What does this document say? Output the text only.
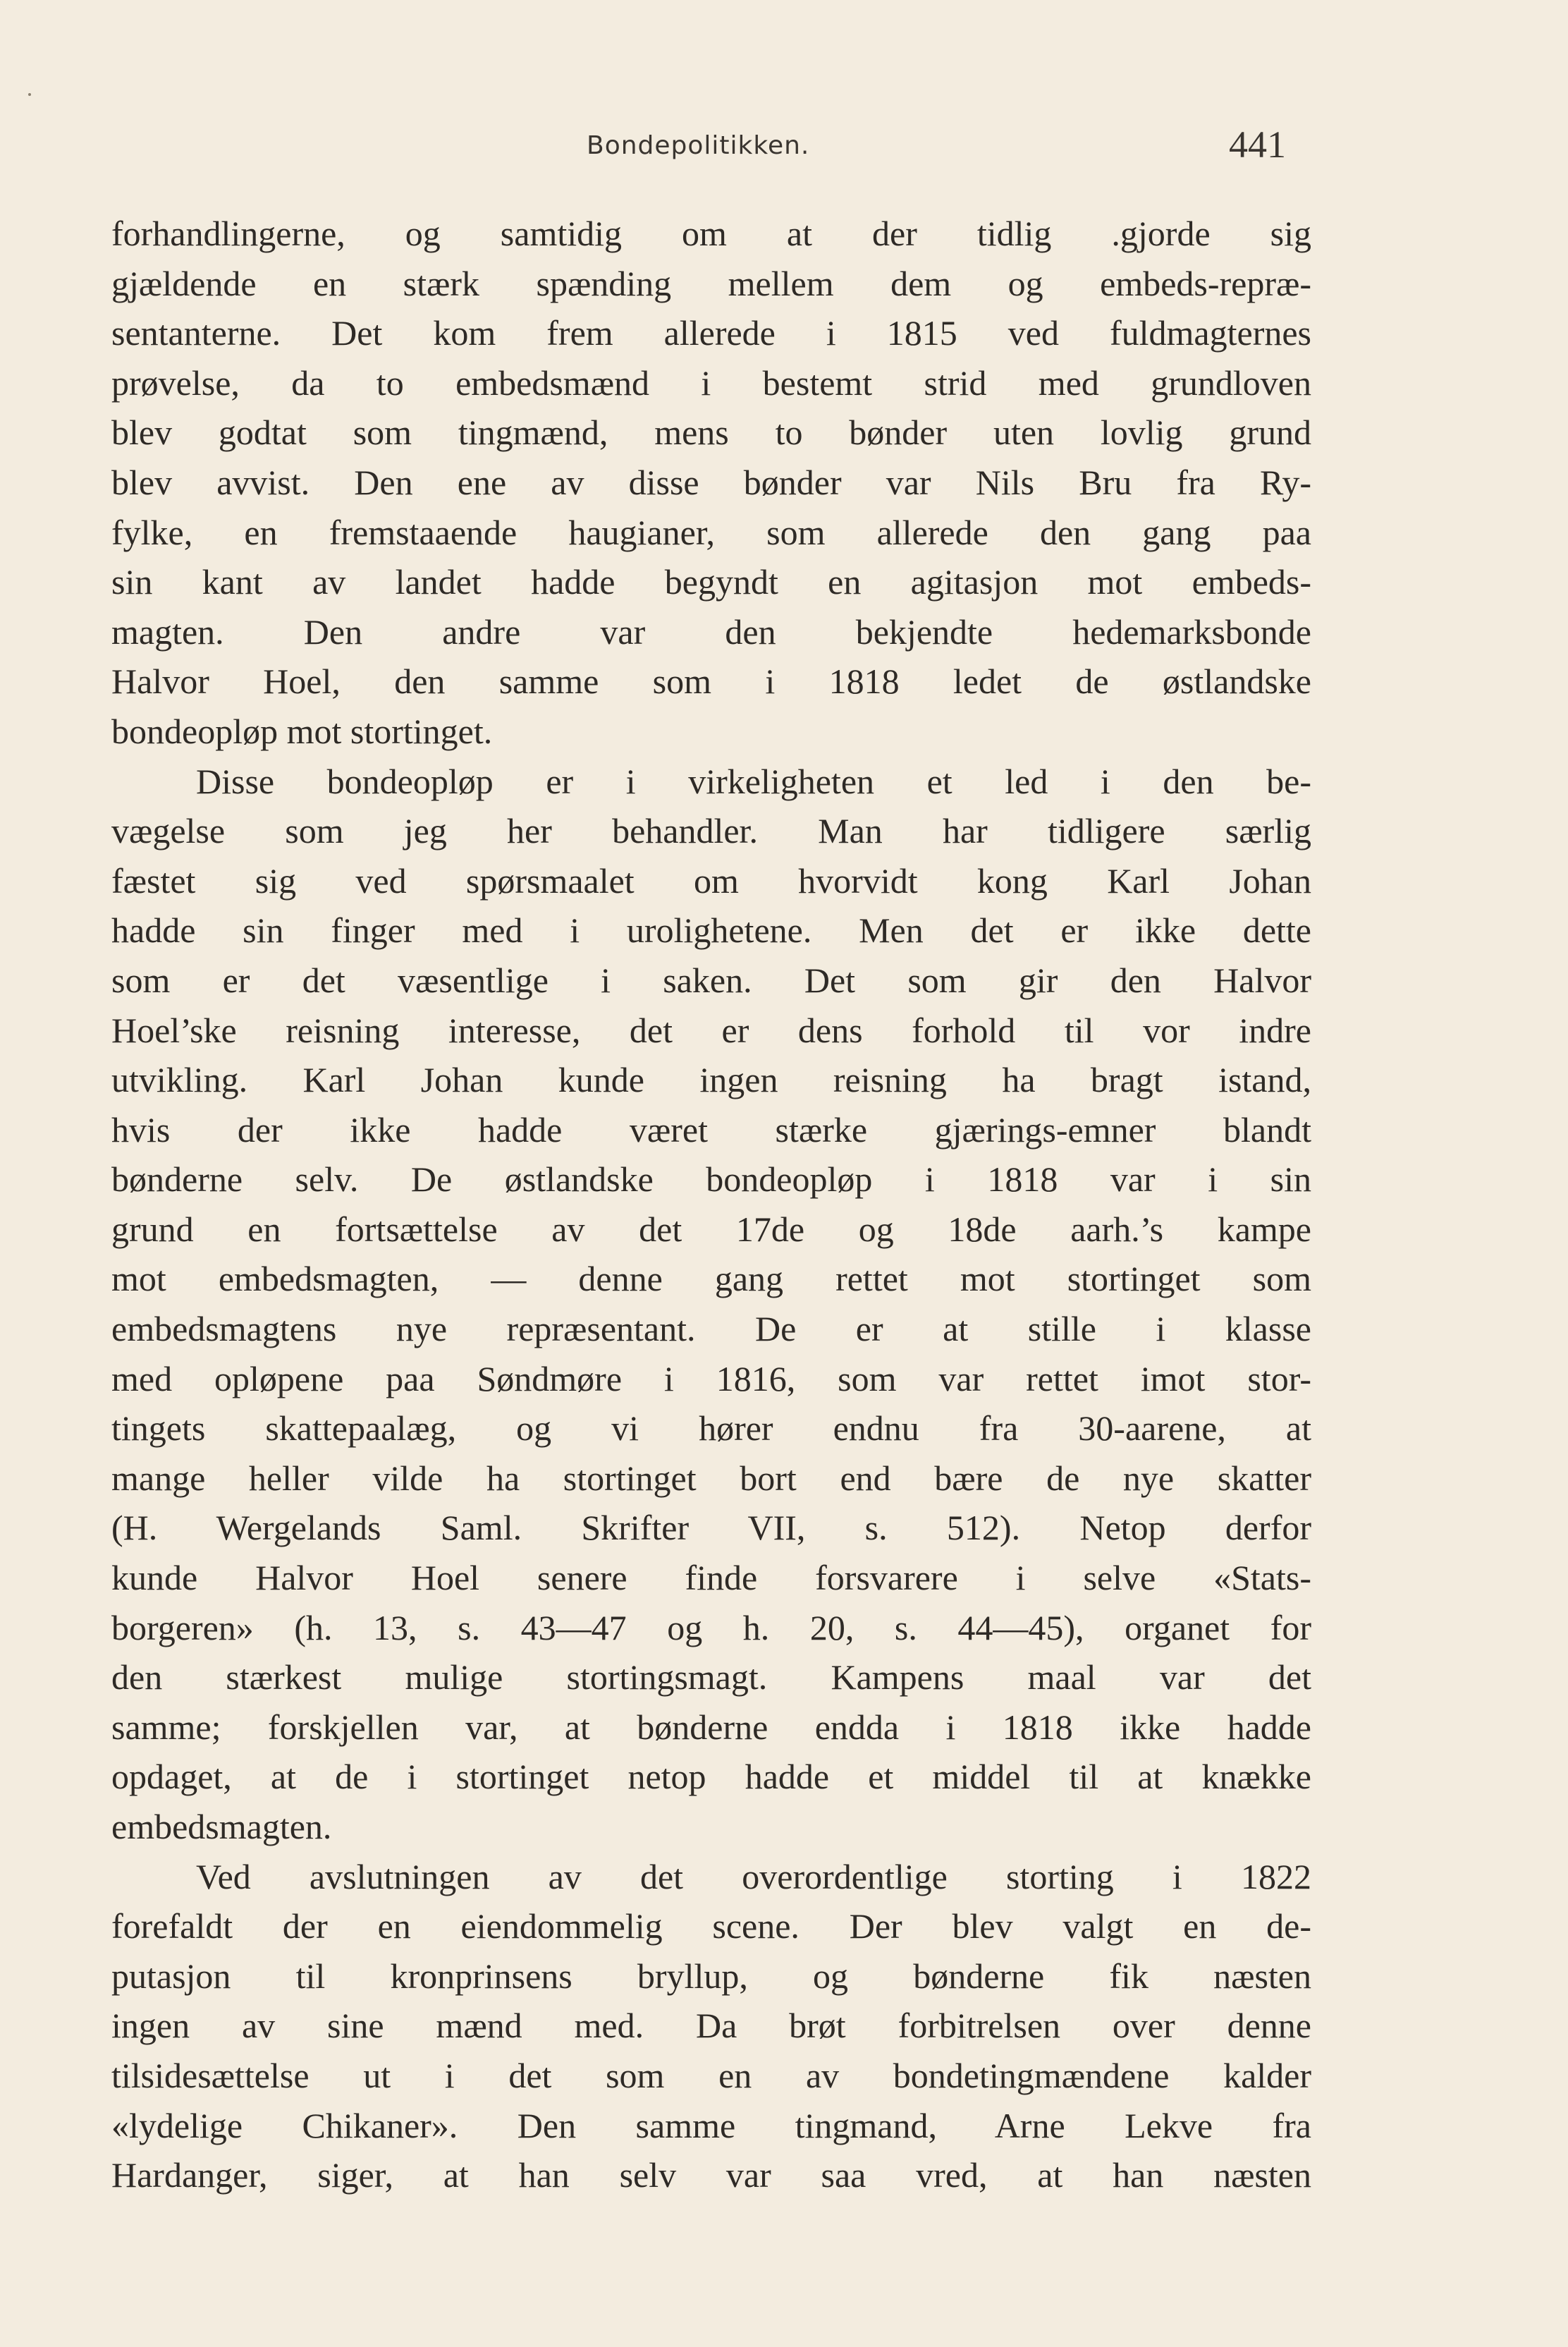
Bondepolitikken.	441
forhandlingerne, og samtidig om at der tidlig .gjorde sig
gjældende en stærk spænding mellem dem og embeds-repræ-
sentanterne. Det kom frem allerede i 1815 ved fuldmagternes
prøvelse, da to embedsmænd i bestemt strid med grundloven
blev godtat som tingmænd, mens to bønder uten lovlig grund
blev avvist. Den ene av disse bønder var Nils Bru fra Ry-
fylke, en fremstaaende haugianer, som allerede den gang paa
sin kant av landet hadde begyndt en agitasjon mot embeds-
magten. Den andre var den bekjendte hedemarksbonde
Halvor Hoel, den samme som i 1818 ledet de østlandske
bondeopløp mot stortinget.
Disse bondeopløp er i virkeligheten et led i den be-
vægelse som jeg her behandler. Man har tidligere særlig
fæstet sig ved spørsmaalet om hvorvidt kong Karl Johan
hadde sin finger med i urolighetene. Men det er ikke dette
som er det væsentlige i saken. Det som gir den Halvor
Hoel’ske reisning interesse, det er dens forhold til vor indre
utvikling. Karl Johan kunde ingen reisning ha bragt istand,
hvis der ikke hadde været stærke gjærings-emner blandt
bønderne selv. De østlandske bondeopløp i 1818 var i sin
grund en fortsættelse av det 17de og 18de aarh.’s kampe
mot embedsmagten, — denne gang rettet mot stortinget som
embedsmagtens nye repræsentant. De er at stille i klasse
med opløpene paa Søndmøre i 1816, som var rettet imot stor-
tingets skattepaalæg, og vi hører endnu fra 30-aarene, at
mange heller vilde ha stortinget bort end bære de nye skatter
(H. Wergelands Saml. Skrifter VII, s. 512). Netop derfor
kunde Halvor Hoel senere finde forsvarere i selve «Stats-
borgeren» (h. 13, s. 43—47 og h. 20, s. 44—45), organet for
den stærkest mulige stortingsmagt. Kampens maal var det
samme; forskjellen var, at bønderne endda i 1818 ikke hadde
opdaget, at de i stortinget netop hadde et middel til at knække
embedsmagten.
Ved avslutningen av det overordentlige storting i 1822
forefaldt der en eiendommelig scene. Der blev valgt en de-
putasjon til kronprinsens bryllup, og bønderne fik næsten
ingen av sine mænd med. Da brøt forbitrelsen over denne
tilsidesættelse ut i det som en av bondetingmændene kalder
«lydelige Chikaner». Den samme tingmand, Arne Lekve fra
Hardanger, siger, at han selv var saa vred, at han næsten
